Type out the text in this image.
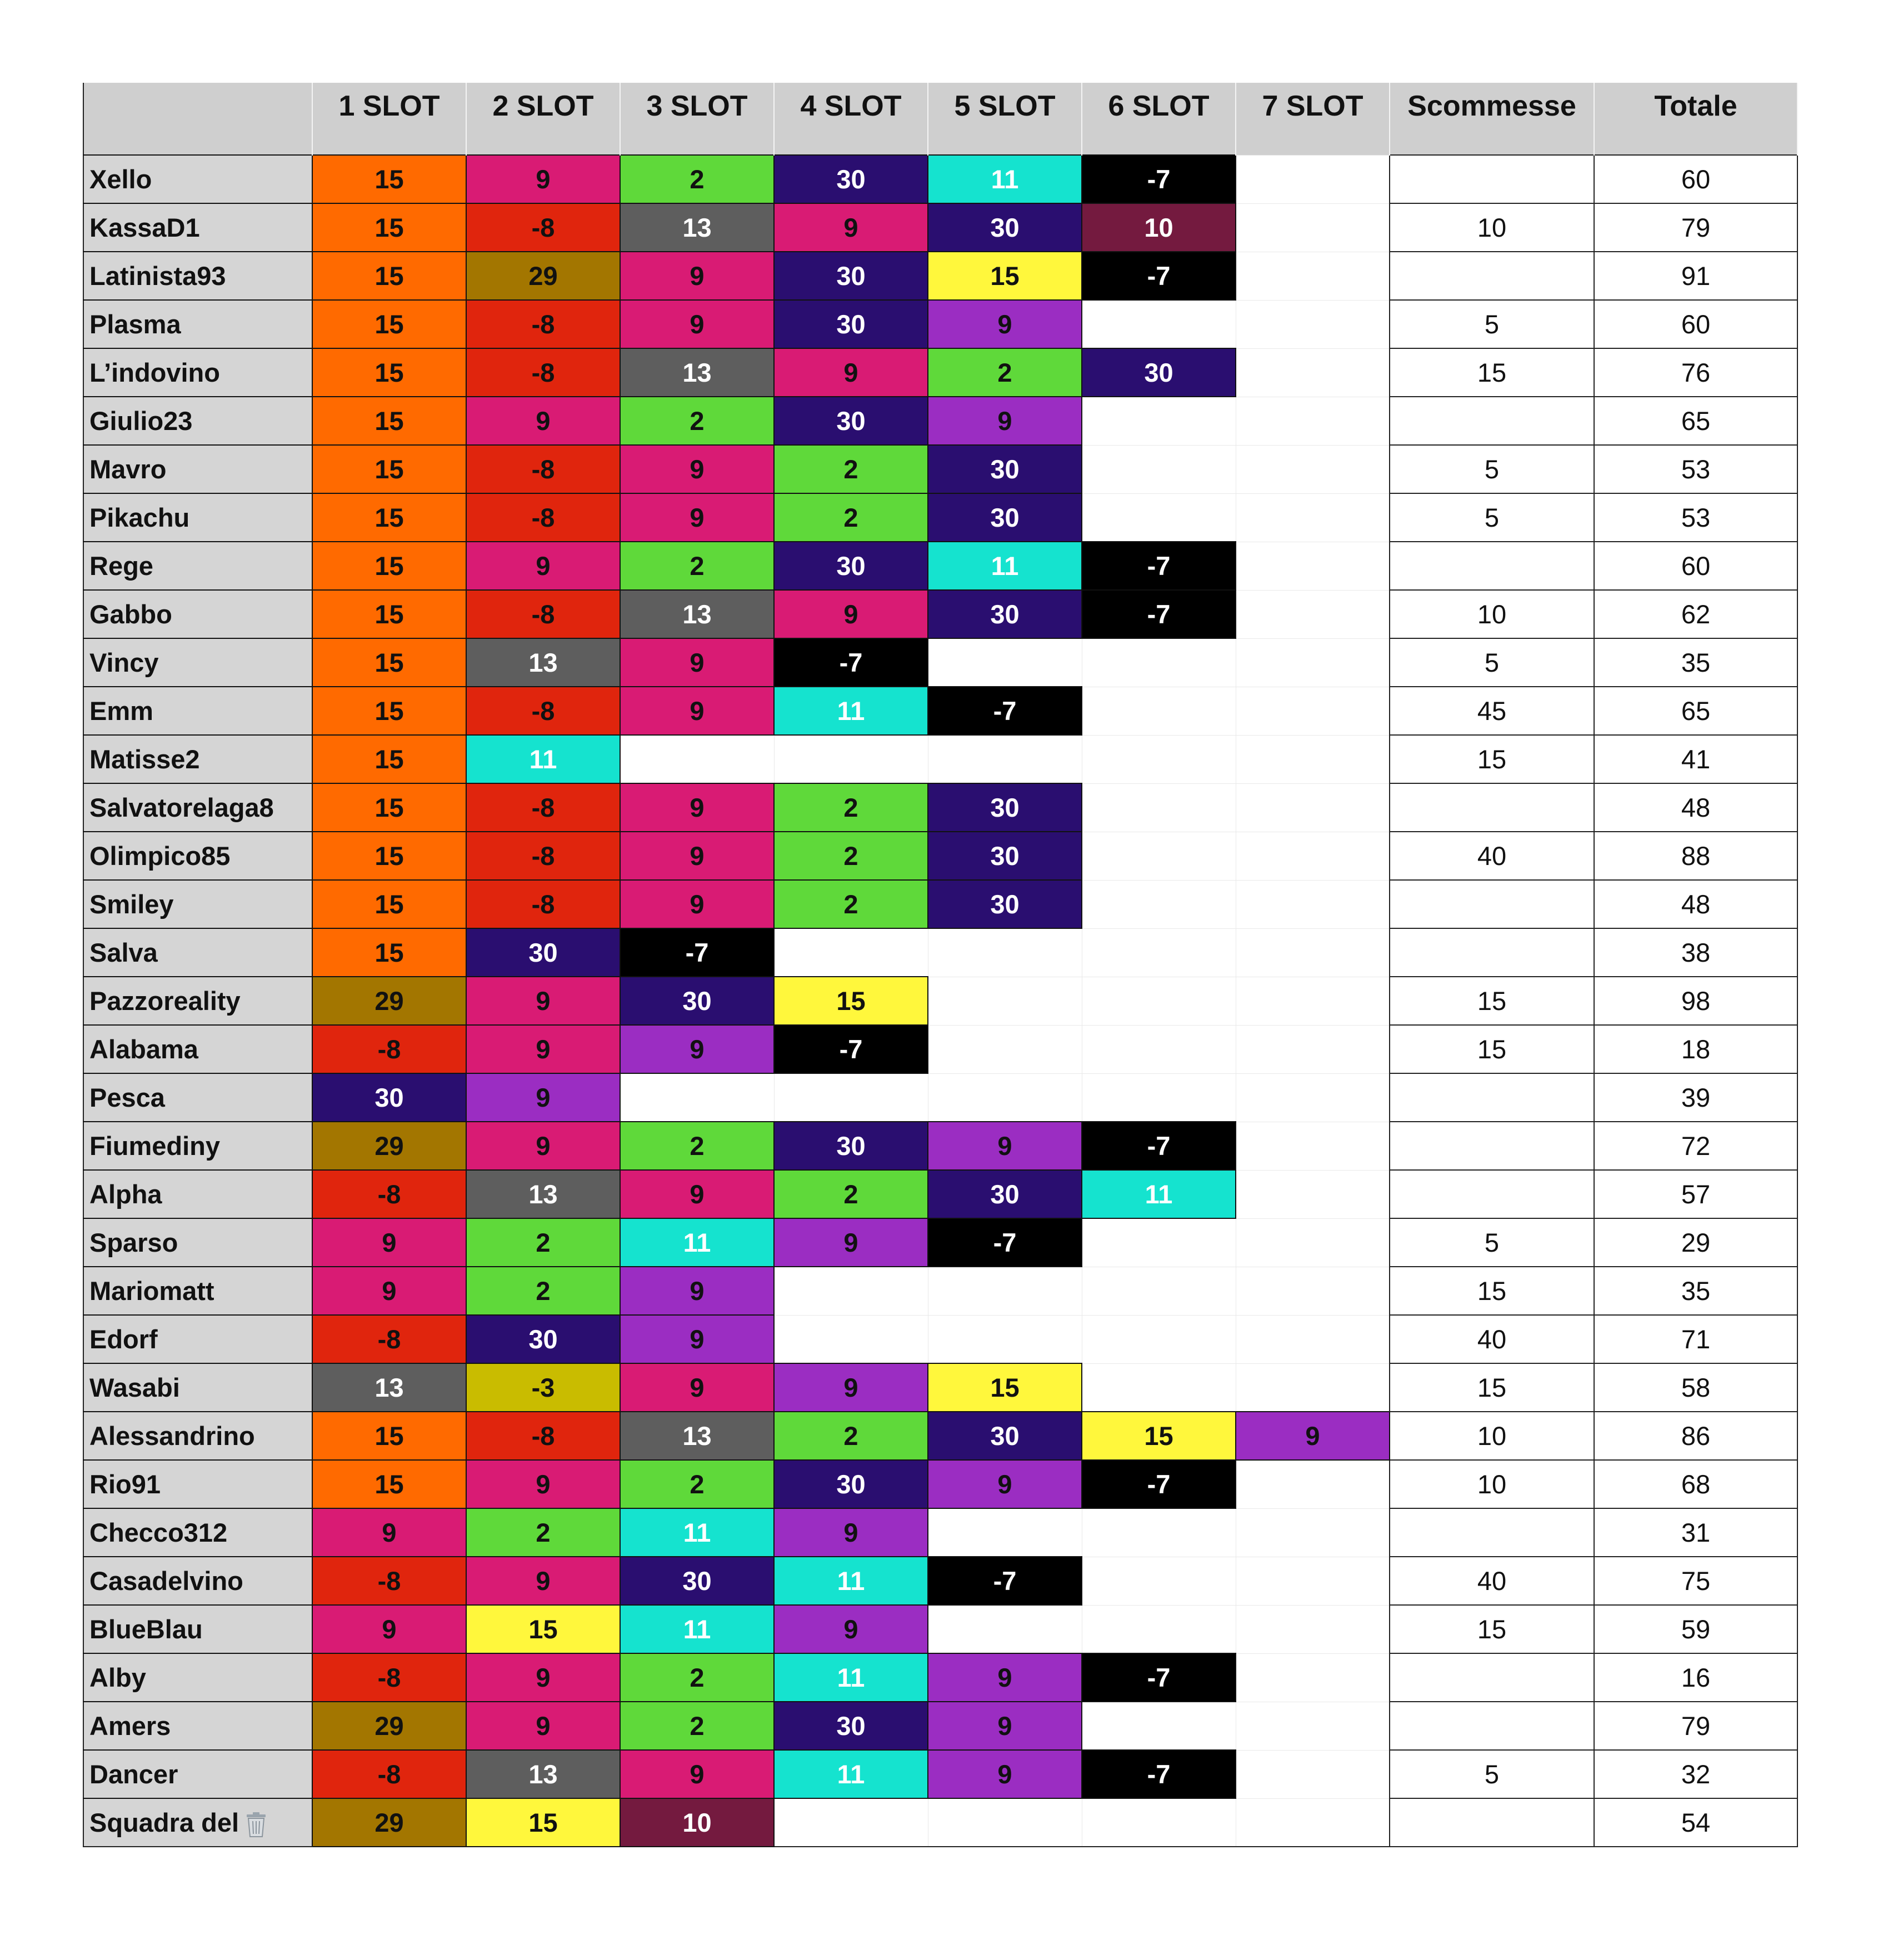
	1 SLOT	2 SLOT	3 SLOT	4 SLOT	5 SLOT	6 SLOT	7 SLOT	Scommesse	Totale
Xello	15	9	2	30	11	-7			60
KassaD1	15	-8	13	9	30	10		10	79
Latinista93	15	29	9	30	15	-7			91
Plasma	15	-8	9	30	9			5	60
L’indovino	15	-8	13	9	2	30		15	76
Giulio23	15	9	2	30	9				65
Mavro	15	-8	9	2	30			5	53
Pikachu	15	-8	9	2	30			5	53
Rege	15	9	2	30	11	-7			60
Gabbo	15	-8	13	9	30	-7		10	62
Vincy	15	13	9	-7				5	35
Emm	15	-8	9	11	-7			45	65
Matisse2	15	11						15	41
Salvatorelaga8	15	-8	9	2	30				48
Olimpico85	15	-8	9	2	30			40	88
Smiley	15	-8	9	2	30				48
Salva	15	30	-7						38
Pazzoreality	29	9	30	15				15	98
Alabama	-8	9	9	-7				15	18
Pesca	30	9							39
Fiumediny	29	9	2	30	9	-7			72
Alpha	-8	13	9	2	30	11			57
Sparso	9	2	11	9	-7			5	29
Mariomatt	9	2	9					15	35
Edorf	-8	30	9					40	71
Wasabi	13	-3	9	9	15			15	58
Alessandrino	15	-8	13	2	30	15	9	10	86
Rio91	15	9	2	30	9	-7		10	68
Checco312	9	2	11	9					31
Casadelvino	-8	9	30	11	-7			40	75
BlueBlau	9	15	11	9				15	59
Alby	-8	9	2	11	9	-7			16
Amers	29	9	2	30	9				79
Dancer	-8	13	9	11	9	-7		5	32
Squadra del	29	15	10						54
